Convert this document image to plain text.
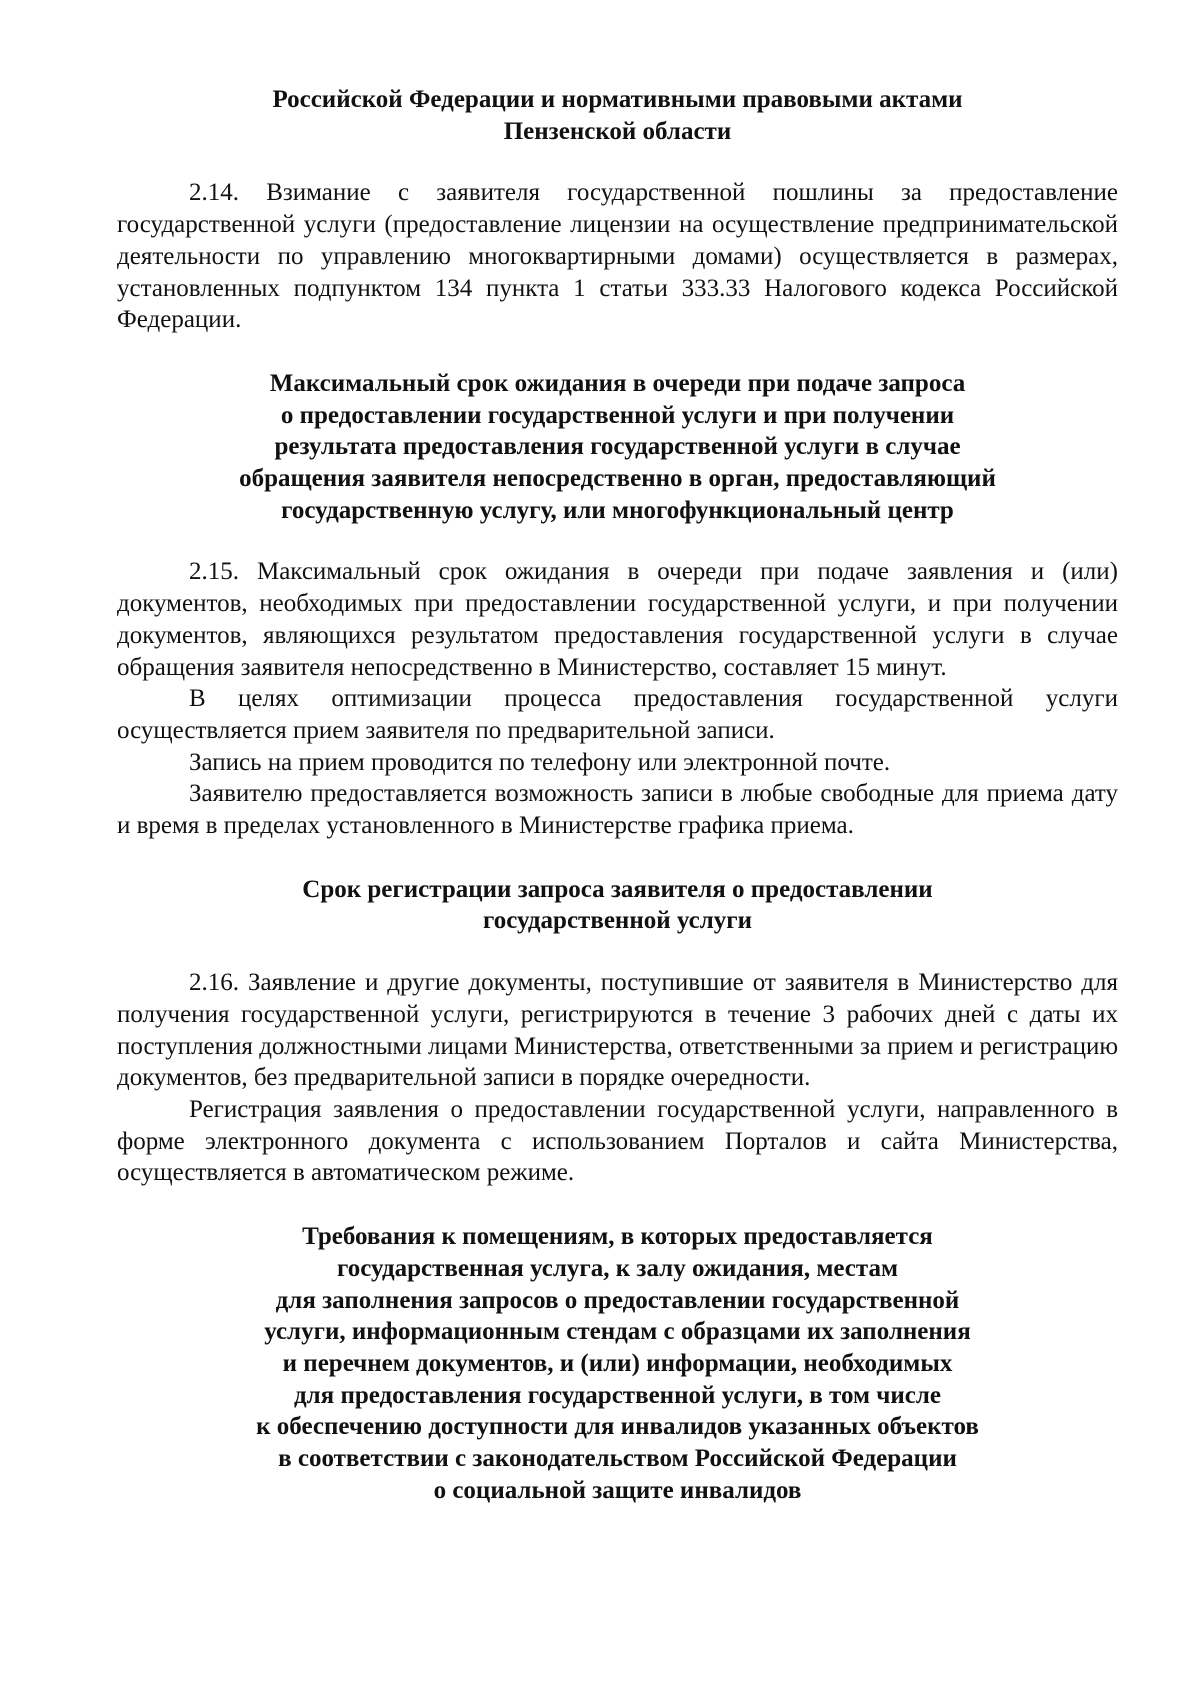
Российской Федерации и нормативными правовыми актами
Пензенской области

2.14. Взимание с заявителя государственной пошлины за предоставление государственной услуги (предоставление лицензии на осуществление предпринимательской деятельности по управлению многоквартирными домами) осуществляется в размерах, установленных подпунктом 134 пункта 1 статьи 333.33 Налогового кодекса Российской Федерации.

Максимальный срок ожидания в очереди при подаче запроса
о предоставлении государственной услуги и при получении
результата предоставления государственной услуги в случае
обращения заявителя непосредственно в орган, предоставляющий
государственную услугу, или многофункциональный центр

2.15. Максимальный срок ожидания в очереди при подаче заявления и (или) документов, необходимых при предоставлении государственной услуги, и при получении документов, являющихся результатом предоставления государственной услуги в случае обращения заявителя непосредственно в Министерство, составляет 15 минут.

В целях оптимизации процесса предоставления государственной услуги осуществляется прием заявителя по предварительной записи.

Запись на прием проводится по телефону или электронной почте.

Заявителю предоставляется возможность записи в любые свободные для приема дату и время в пределах установленного в Министерстве графика приема.

Срок регистрации запроса заявителя о предоставлении
государственной услуги

2.16. Заявление и другие документы, поступившие от заявителя в Министерство для получения государственной услуги, регистрируются в течение 3 рабочих дней с даты их поступления должностными лицами Министерства, ответственными за прием и регистрацию документов, без предварительной записи в порядке очередности.

Регистрация заявления о предоставлении государственной услуги, направленного в форме электронного документа с использованием Порталов и сайта Министерства, осуществляется в автоматическом режиме.

Требования к помещениям, в которых предоставляется
государственная услуга, к залу ожидания, местам
для заполнения запросов о предоставлении государственной
услуги, информационным стендам с образцами их заполнения
и перечнем документов, и (или) информации, необходимых
для предоставления государственной услуги, в том числе
к обеспечению доступности для инвалидов указанных объектов
в соответствии с законодательством Российской Федерации
о социальной защите инвалидов
